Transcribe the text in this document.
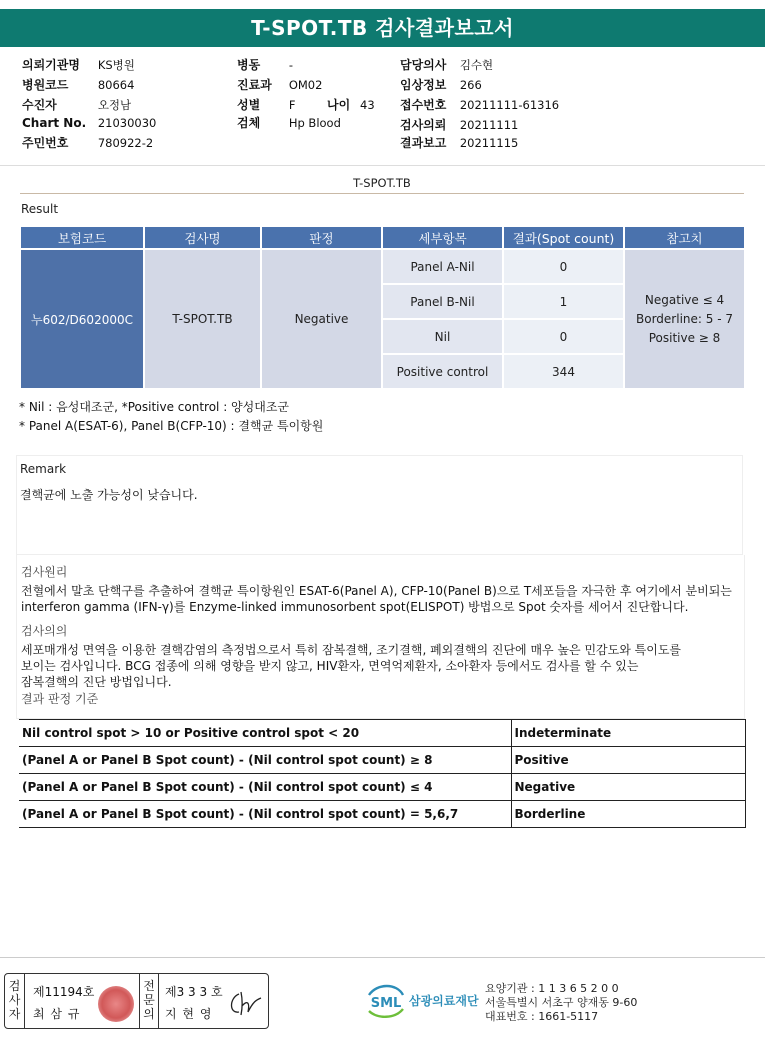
T-SPOT.TB 검사결과보고서
의뢰기관명 KS병원
병원코드	80664
수진자	오정남
Chart No. 21030030
주민번호	780922-2
병동 -
진료과 OM02
성별 F	나이 43
검체 Hp Blood
담당의사 김수현
임상정보 266
접수번호 20211111-61316
검사의뢰 20211111
결과보고 20211115
T-SPOT.TB
Result
보험코드	검사명	판정	세부항목	결과(Spot count)	참고치
누602/D602000C	T-SPOT.TB	Negative	Panel A-Nil	0	Negative ≤ 4
Borderline: 5 - 7
Positive ≥ 8

			Panel B-Nil	1	
			Nil	0	
			Positive control	344	
* Nil : 음성대조군, *Positive control : 양성대조군
* Panel A(ESAT-6), Panel B(CFP-10) : 결핵균 특이항원
Remark
결핵균에 노출 가능성이 낮습니다.
검사원리
전혈에서 말초 단핵구를 추출하여 결핵균 특이항원인 ESAT-6(Panel A), CFP-10(Panel B)으로 T세포들을 자극한 후 여기에서 분비되는
interferon gamma (IFN-γ)를 Enzyme-linked immunosorbent spot(ELISPOT) 방법으로 Spot 숫자를 세어서 진단합니다.
검사의의
세포매개성 면역을 이용한 결핵감염의 측정법으로서 특히 잠복결핵, 조기결핵, 폐외결핵의 진단에 매우 높은 민감도와 특이도를
보이는 검사입니다. BCG 접종에 의해 영향을 받지 않고, HIV환자, 면역억제환자, 소아환자 등에서도 검사를 할 수 있는
잠복결핵의 진단 방법입니다.
결과 판정 기준
Nil control spot > 10 or Positive control spot < 20	Indeterminate
(Panel A or Panel B Spot count) - (Nil control spot count) ≥ 8	Positive
(Panel A or Panel B Spot count) - (Nil control spot count) ≤ 4	Negative
(Panel A or Panel B Spot count) - (Nil control spot count) = 5,6,7	Borderline
검
사
자
제11194호
최 삼 규
전
문
의
제3 3 3 호
지 현 영
SML 삼광의료재단
요양기관 : 1 1 3 6 5 2 0 0
서울특별시 서초구 양재동 9-60
대표번호 : 1661-5117
